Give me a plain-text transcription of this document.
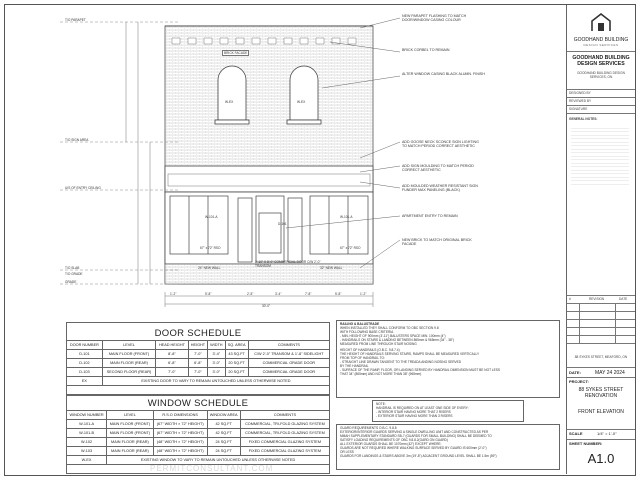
T/O PARAPET
T/O SIGN AREA
U/S OF ENTRY CEILING
T/O SLAB
T/O GRADE
GRADE
BRICK FACADE
W-EX	W-EX
W-101-A	W-101-A
67" x 72" RSO	67" x 72" RSO
D-101
2'-10" X 8'-0" COMMERCIAL DOOR C/W 2'-0" TRANSOM
24" NEW WALL	32" NEW WALL
1'-2"	5'-8"	2'-5"	3'-4"	7'-8"	5'-8"	1'-2"
30'-0"
NEW PARAPET FLASHING TO MATCH DOOR/WINDOW CASING COLOUR
BRICK CORBEL TO REMAIN
ALTER WINDOW CASING BLACK ALUMN. FINISH
ADD GOOSE NECK SCONCE SIGN LIGHTING TO MATCH PERIOD CORRECT AESTHETIC
ADD SIGN MOULDING TO MATCH PERIOD CORRECT AESTHETIC
ADD MOULDED WEATHER RESISTANT SIGN FUNDER MAX PANELING (BLACK)
APARTMENT ENTRY TO REMAIN
NEW BRICK TO MATCH ORIGINAL BRICK FACADE
DOOR SCHEDULE
DOOR NUMBER	LEVEL	HEAD HEIGHT	HEIGHT	WIDTH	SQ. AREA	COMMENTS
D-101	MAIN FLOOR (FRONT)	8'-8"	7'-0"	3'-4"	43 SQ.FT	C/W 2'-0" TRANSOM & 1'-8" SIDELIGHT
D-102	MAIN FLOOR (REAR)	6'-8"	6'-8"	3'-0"	20 SQ.FT	COMMERCIAL GRADE DOOR
D-103	SECOND FLOOR (REAR)	7'-0"	7'-0"	3'-0"	20 SQ.FT	COMMERCIAL GRADE DOOR
EX	EXISTING DOOR TO VARY TO REMAIN UNTOUCHED UNLESS OTHERWISE NOTED					
WINDOW SCHEDULE
WINDOW NUMBER	LEVEL	R.S.O DIMENSIONS	WINDOW AREA	COMMENTS
W-101-A	MAIN FLOOR (FRONT)	(67" WIDTH × 72" HEIGHT)	42 SQ.FT	COMMERCIAL, TRI-FOLD GLAZING SYSTEM
W-101-B	MAIN FLOOR (FRONT)	(67" WIDTH × 72" HEIGHT)	42 SQ.FT	COMMERCIAL, TRI-FOLD GLAZING SYSTEM
W-102	MAIN FLOOR (REAR)	(48" WIDTH × 72" HEIGHT)	24 SQ.FT	FIXED COMMERCIAL GLAZING SYSTEM
W-103	MAIN FLOOR (REAR)	(48" WIDTH × 72" HEIGHT)	24 SQ.FT	FIXED COMMERCIAL GLAZING SYSTEM
W-EX	EXISTING WINDOW TO VARY TO REMAIN UNTOUCHED UNLESS OTHERWISE NOTED			
RAILING & BALUSTRADE
WHEN INSTALLED THEY SHALL CONFORM TO OBC SECTION 9.8
WITH FOLLOWING BASE CRITERIA
- MIN. HEIGHT OF 900mm (3'-11") BALUSTERS SPACE MIN. 100mm (4")
- HANDRAILS ON STAIRS & LANDING BETWEEN 865mm & 965mm (34" - 38")
MEASURED FROM LINE THROUGH STAIR NOSING
HEIGHT OF HANDRAILS (O.B.C. 9.8.7.4)
THE HEIGHT OF HANDRAILS SERVING STAIRS, RAMPS SHALL BE MEASURED VERTICALLY
FROM TOP OF HANDRAIL TO:
- STRAIGHT LINE DRAWN TANGENT TO THE TREAD/LANDING NOSING SERVED
BY THE HANDRAIL
- SURFACE OF THE RAMP, FLOOR, OR LANDING SERVED BY HANDRAIL DIMENSION MUST BE NOT LESS
THAT 34" (865mm) AND NOT MORE THAN 38" (965mm)
NOTE:
HANDRAIL IS REQUIRED ON AT LEAST ONE SIDE OF EVERY:
- INTERIOR STAIR HAVING MORE THAT 2 RISERS
- EXTERIOR STAIR HAVING MORE THAN 3 RISERS
GUARD REQUIREMENTS O.B.C. 9.8.8
EXTERIOR/INTERIOR GUARDS SERVING A SINGLE DWELLING UNIT AND CONSTRUCTED AS PER
MMAH SUPPLEMENTARY STANDARD SB-7 (GUARDS FOR SMALL BUILDING) SHALL BE DEEMED TO
SATISFY LOADING REQUIREMENTS OF OBC 9.8.8.2(GARD ON GUARD)
ALL EXTERIOR GUARDS SHALL BE 1070mm (42") EXCEPT WHERE:
GUARDS ARE NOT REQUIRED WHERE WALKING SURFACE SERVED BY GUARD IS 600mm (2'-0")
OR LESS
GUARDS FOR LANDINGS & STAIRS ABOVE 3m (19'-8") ADJACENT GROUND LEVEL SHALL BE 1.5m (59")
PERMITCONSULTANT.COM
GOODHAND BUILDING
DESIGN SERVICES
GOODHAND BUILDING DESIGN SERVICES
GOODHAND BUILDING DESIGN SERVICES, ON
DESIGNED BY
REVIEWED BY
SIGNATURE
GENERAL NOTES:
#	REVISION	DATE
88 SYKES STREET, MEAFORD, ON
DATE:	MAY 24 2024
PROJECT:
88 SYKES STREET RENOVATION
FRONT ELEVATION
SCALE	1/4" = 1'-0"
SHEET NUMBER:
A1.0
